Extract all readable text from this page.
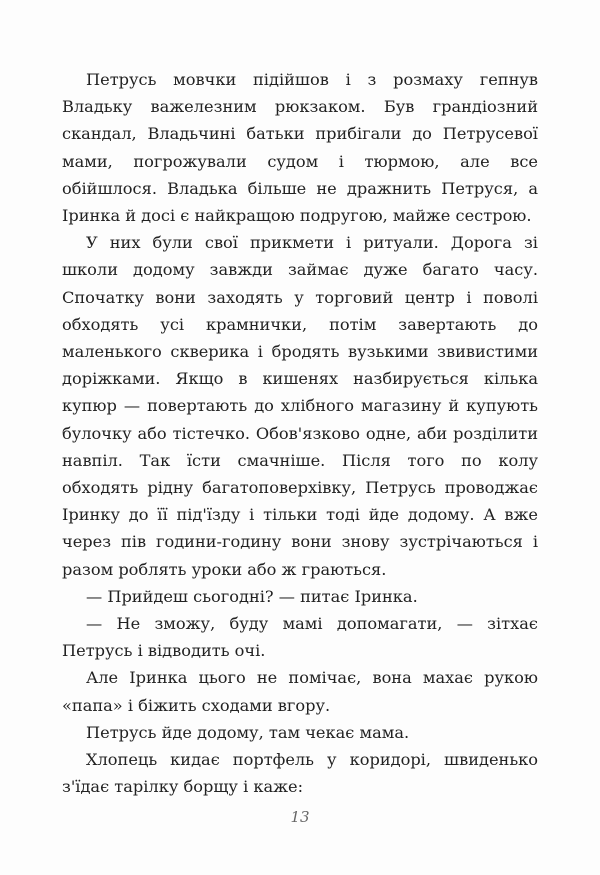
Петрусь мовчки підійшов і з розмаху гепнув Владьку важелезним рюкзаком. Був грандіозний скандал, Владьчині батьки прибігали до Петрусевої мами, погрожували судом і тюрмою, але все обійшлося. Владька більше не дражнить Петруся, а Іринка й досі є найкращою подругою, майже сестрою.

У них були свої прикмети і ритуали. Дорога зі школи додому завжди займає дуже багато часу. Спочатку вони заходять у торговий центр і поволі обходять усі крамнички, потім завертають до маленького скверика і бродять вузькими звивистими доріжками. Якщо в кишенях назбирується кілька купюр — повертають до хлібного магазину й купують булочку або тістечко. Обов'язково одне, аби розділити навпіл. Так їсти смачніше. Після того по колу обходять рідну багатоповерхівку, Петрусь проводжає Іринку до її під'їзду і тільки тоді йде додому. А вже через пів години-годину вони знову зустрічаються і разом роблять уроки або ж граються.

— Прийдеш сьогодні? — питає Іринка.

— Не зможу, буду мамі допомагати, — зітхає Петрусь і відводить очі.

Але Іринка цього не помічає, вона махає рукою «папа» і біжить сходами вгору.

Петрусь йде додому, там чекає мама.

Хлопець кидає портфель у коридорі, швиденько з'їдає тарілку борщу і каже:

13
